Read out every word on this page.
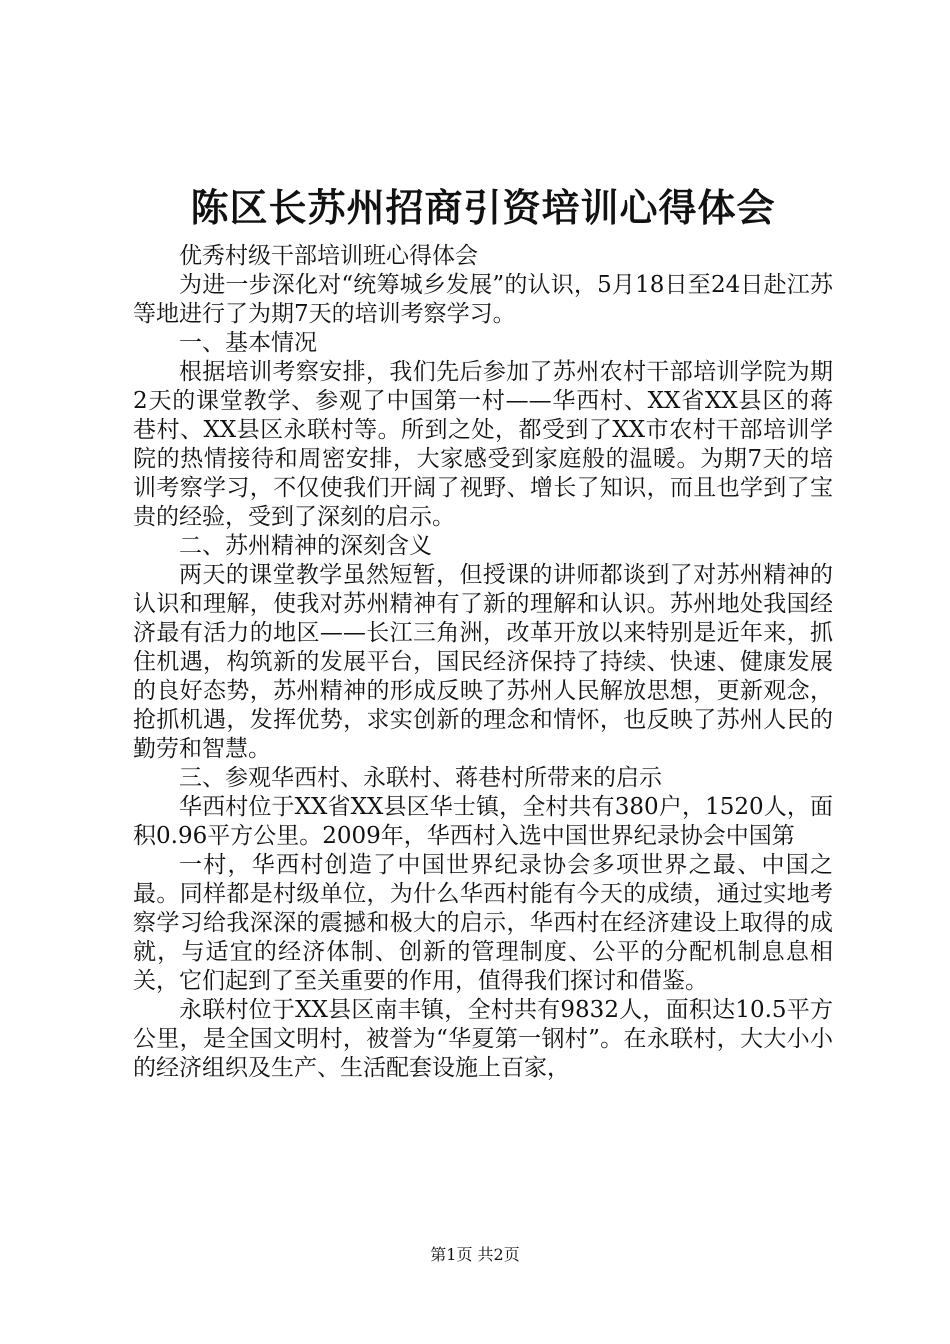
陈区长苏州招商引资培训心得体会

优秀村级干部培训班心得体会

为进一步深化对“统筹城乡发展”的认识，5月18日至24日赴江苏等地进行了为期7天的培训考察学习。

一、基本情况

根据培训考察安排，我们先后参加了苏州农村干部培训学院为期2天的课堂教学、参观了中国第一村——华西村、XX省XX县区的蒋巷村、XX县区永联村等。所到之处，都受到了XX市农村干部培训学院的热情接待和周密安排，大家感受到家庭般的温暖。为期7天的培训考察学习，不仅使我们开阔了视野、增长了知识，而且也学到了宝贵的经验，受到了深刻的启示。

二、苏州精神的深刻含义

两天的课堂教学虽然短暂，但授课的讲师都谈到了对苏州精神的认识和理解，使我对苏州精神有了新的理解和认识。苏州地处我国经济最有活力的地区——长江三角洲，改革开放以来特别是近年来，抓住机遇，构筑新的发展平台，国民经济保持了持续、快速、健康发展的良好态势，苏州精神的形成反映了苏州人民解放思想，更新观念，抢抓机遇，发挥优势，求实创新的理念和情怀，也反映了苏州人民的勤劳和智慧。

三、参观华西村、永联村、蒋巷村所带来的启示

华西村位于XX省XX县区华士镇，全村共有380户，1520人，面积0.96平方公里。2009年，华西村入选中国世界纪录协会中国第

一村，华西村创造了中国世界纪录协会多项世界之最、中国之最。同样都是村级单位，为什么华西村能有今天的成绩，通过实地考察学习给我深深的震撼和极大的启示，华西村在经济建设上取得的成就，与适宜的经济体制、创新的管理制度、公平的分配机制息息相关，它们起到了至关重要的作用，值得我们探讨和借鉴。

永联村位于XX县区南丰镇，全村共有9832人，面积达10.5平方公里，是全国文明村，被誉为“华夏第一钢村”。在永联村，大大小小的经济组织及生产、生活配套设施上百家，

第1页 共2页
